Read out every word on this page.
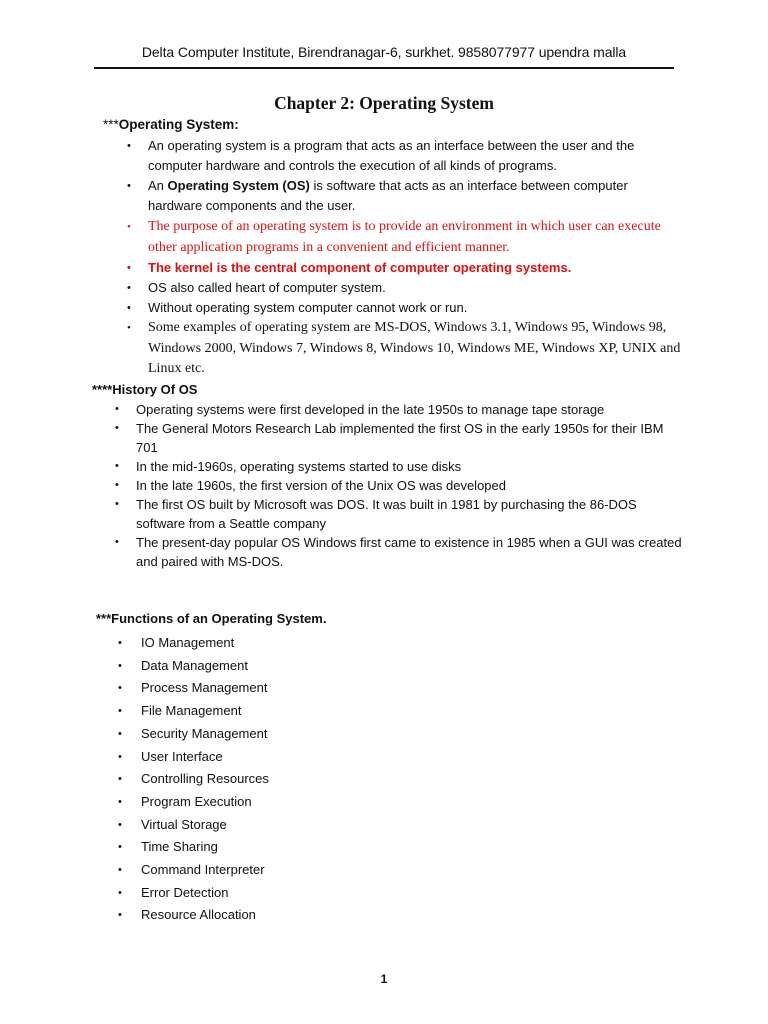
Delta Computer Institute, Birendranagar-6, surkhet. 9858077977 upendra malla
Chapter 2: Operating System
***Operating System:
• An operating system is a program that acts as an interface between the user and the computer hardware and controls the execution of all kinds of programs.
• An Operating System (OS) is software that acts as an interface between computer hardware components and the user.
• The purpose of an operating system is to provide an environment in which user can execute other application programs in a convenient and efficient manner.
• The kernel is the central component of computer operating systems.
• OS also called heart of computer system.
• Without operating system computer cannot work or run.
• Some examples of operating system are MS-DOS, Windows 3.1, Windows 95, Windows 98, Windows 2000, Windows 7, Windows 8, Windows 10, Windows ME, Windows XP, UNIX and Linux etc.
****History Of OS
• Operating systems were first developed in the late 1950s to manage tape storage
• The General Motors Research Lab implemented the first OS in the early 1950s for their IBM 701
• In the mid-1960s, operating systems started to use disks
• In the late 1960s, the first version of the Unix OS was developed
• The first OS built by Microsoft was DOS. It was built in 1981 by purchasing the 86-DOS software from a Seattle company
• The present-day popular OS Windows first came to existence in 1985 when a GUI was created and paired with MS-DOS.
***Functions of an Operating System.
• IO Management
• Data Management
• Process Management
• File Management
• Security Management
• User Interface
• Controlling Resources
• Program Execution
• Virtual Storage
• Time Sharing
• Command Interpreter
• Error Detection
• Resource Allocation
1
